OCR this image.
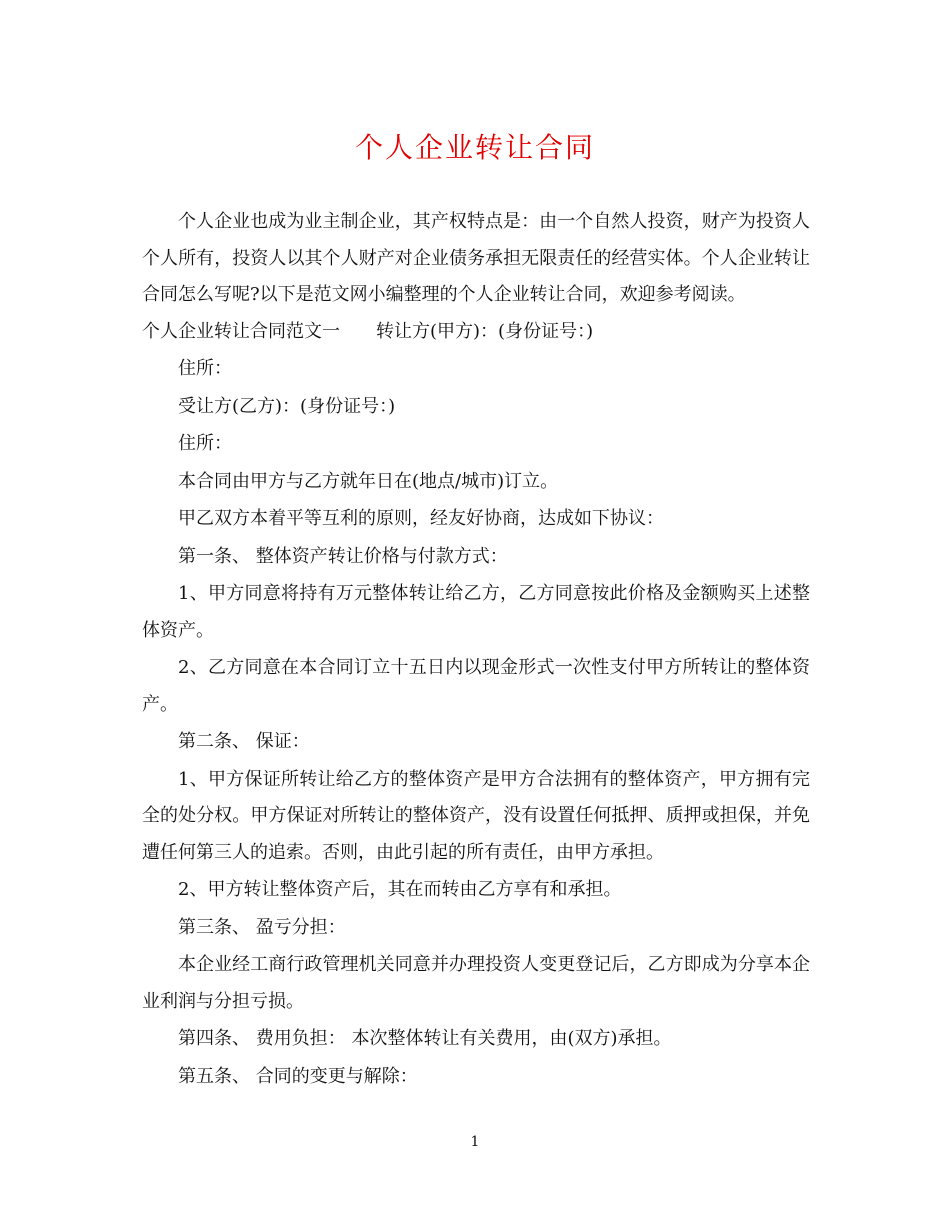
个人企业转让合同

个人企业也成为业主制企业，其产权特点是：由一个自然人投资，财产为投资人个人所有，投资人以其个人财产对企业债务承担无限责任的经营实体。个人企业转让合同怎么写呢?以下是范文网小编整理的个人企业转让合同，欢迎参考阅读。

个人企业转让合同范文一 转让方(甲方)：(身份证号：)

住所：

受让方(乙方)：(身份证号：)

住所：

本合同由甲方与乙方就年日在(地点/城市)订立。

甲乙双方本着平等互利的原则，经友好协商，达成如下协议：

第一条、 整体资产转让价格与付款方式：

1、甲方同意将持有万元整体转让给乙方，乙方同意按此价格及金额购买上述整体资产。

2、乙方同意在本合同订立十五日内以现金形式一次性支付甲方所转让的整体资产。

第二条、 保证：

1、甲方保证所转让给乙方的整体资产是甲方合法拥有的整体资产，甲方拥有完全的处分权。甲方保证对所转让的整体资产，没有设置任何抵押、质押或担保，并免遭任何第三人的追索。否则，由此引起的所有责任，由甲方承担。

2、甲方转让整体资产后，其在而转由乙方享有和承担。

第三条、 盈亏分担：

本企业经工商行政管理机关同意并办理投资人变更登记后，乙方即成为分享本企业利润与分担亏损。

第四条、 费用负担： 本次整体转让有关费用，由(双方)承担。

第五条、 合同的变更与解除：

1
